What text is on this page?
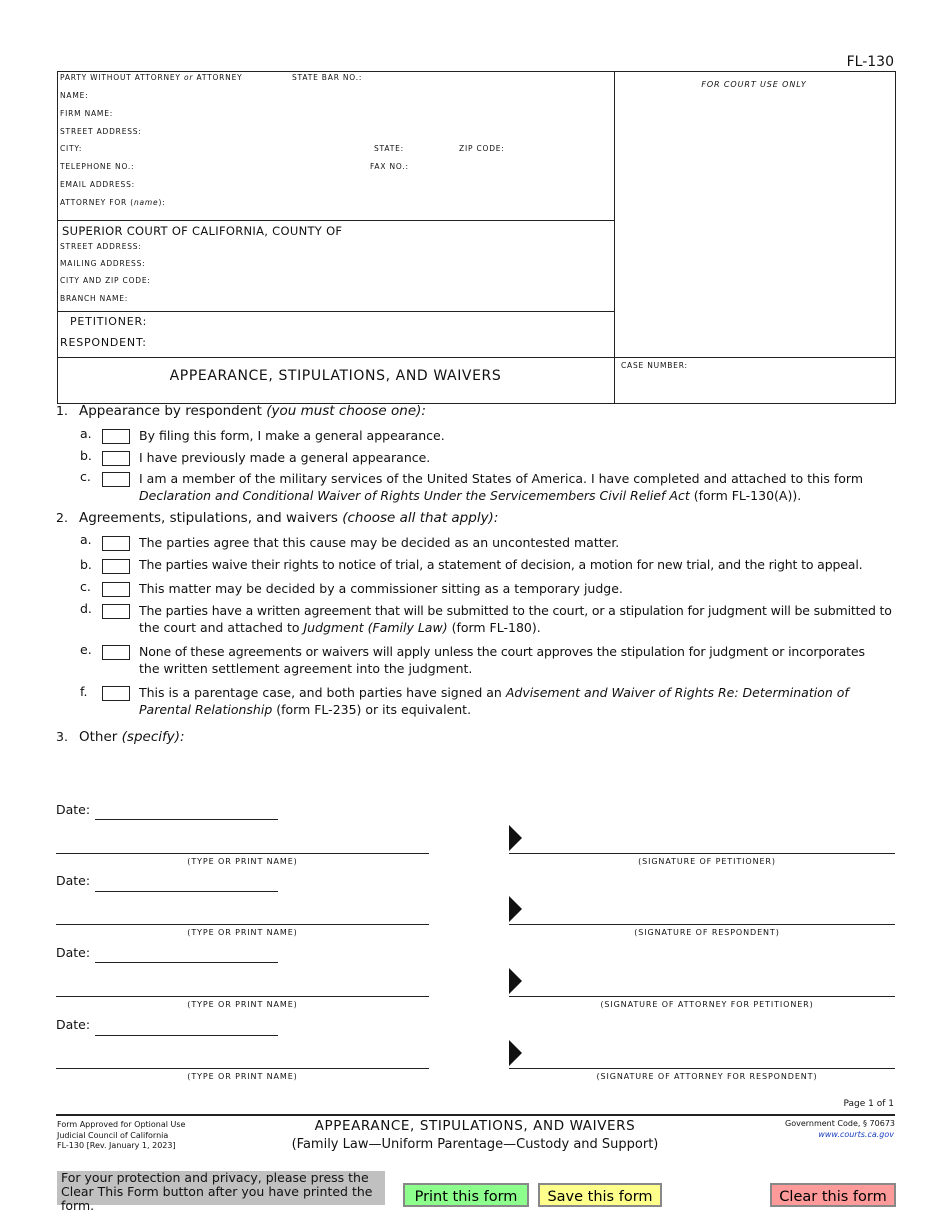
FL-130
PARTY WITHOUT ATTORNEY or ATTORNEY	STATE BAR NO.:
NAME:
FIRM NAME:
STREET ADDRESS:
CITY:	STATE:	ZIP CODE:
TELEPHONE NO.:	FAX NO.:
EMAIL ADDRESS:
ATTORNEY FOR (name):
FOR COURT USE ONLY
SUPERIOR COURT OF CALIFORNIA, COUNTY OF
STREET ADDRESS:
MAILING ADDRESS:
CITY AND ZIP CODE:
BRANCH NAME:
PETITIONER:
RESPONDENT:
APPEARANCE, STIPULATIONS, AND WAIVERS
CASE NUMBER:
1. Appearance by respondent (you must choose one):
a.	By filing this form, I make a general appearance.
b.	I have previously made a general appearance.
c.	I am a member of the military services of the United States of America. I have completed and attached to this form
Declaration and Conditional Waiver of Rights Under the Servicemembers Civil Relief Act (form FL-130(A)).
2. Agreements, stipulations, and waivers (choose all that apply):
a.	The parties agree that this cause may be decided as an uncontested matter.
b.	The parties waive their rights to notice of trial, a statement of decision, a motion for new trial, and the right to appeal.
c.	This matter may be decided by a commissioner sitting as a temporary judge.
d.	The parties have a written agreement that will be submitted to the court, or a stipulation for judgment will be submitted to
the court and attached to Judgment (Family Law) (form FL-180).
e.	None of these agreements or waivers will apply unless the court approves the stipulation for judgment or incorporates
the written settlement agreement into the judgment.
f.	This is a parentage case, and both parties have signed an Advisement and Waiver of Rights Re: Determination of
Parental Relationship (form FL-235) or its equivalent.
3. Other (specify):
Date:
(TYPE OR PRINT NAME)	(SIGNATURE OF PETITIONER)
Date:
(TYPE OR PRINT NAME)	(SIGNATURE OF RESPONDENT)
Date:
(TYPE OR PRINT NAME)	(SIGNATURE OF ATTORNEY FOR PETITIONER)
Date:
(TYPE OR PRINT NAME)	(SIGNATURE OF ATTORNEY FOR RESPONDENT)
Page 1 of 1
Form Approved for Optional Use
Judicial Council of California
FL-130 [Rev. January 1, 2023]
APPEARANCE, STIPULATIONS, AND WAIVERS
(Family Law—Uniform Parentage—Custody and Support)
Government Code, § 70673
www.courts.ca.gov
For your protection and privacy, please press the Clear This Form button after you have printed the form.
Print this form	Save this form	Clear this form
